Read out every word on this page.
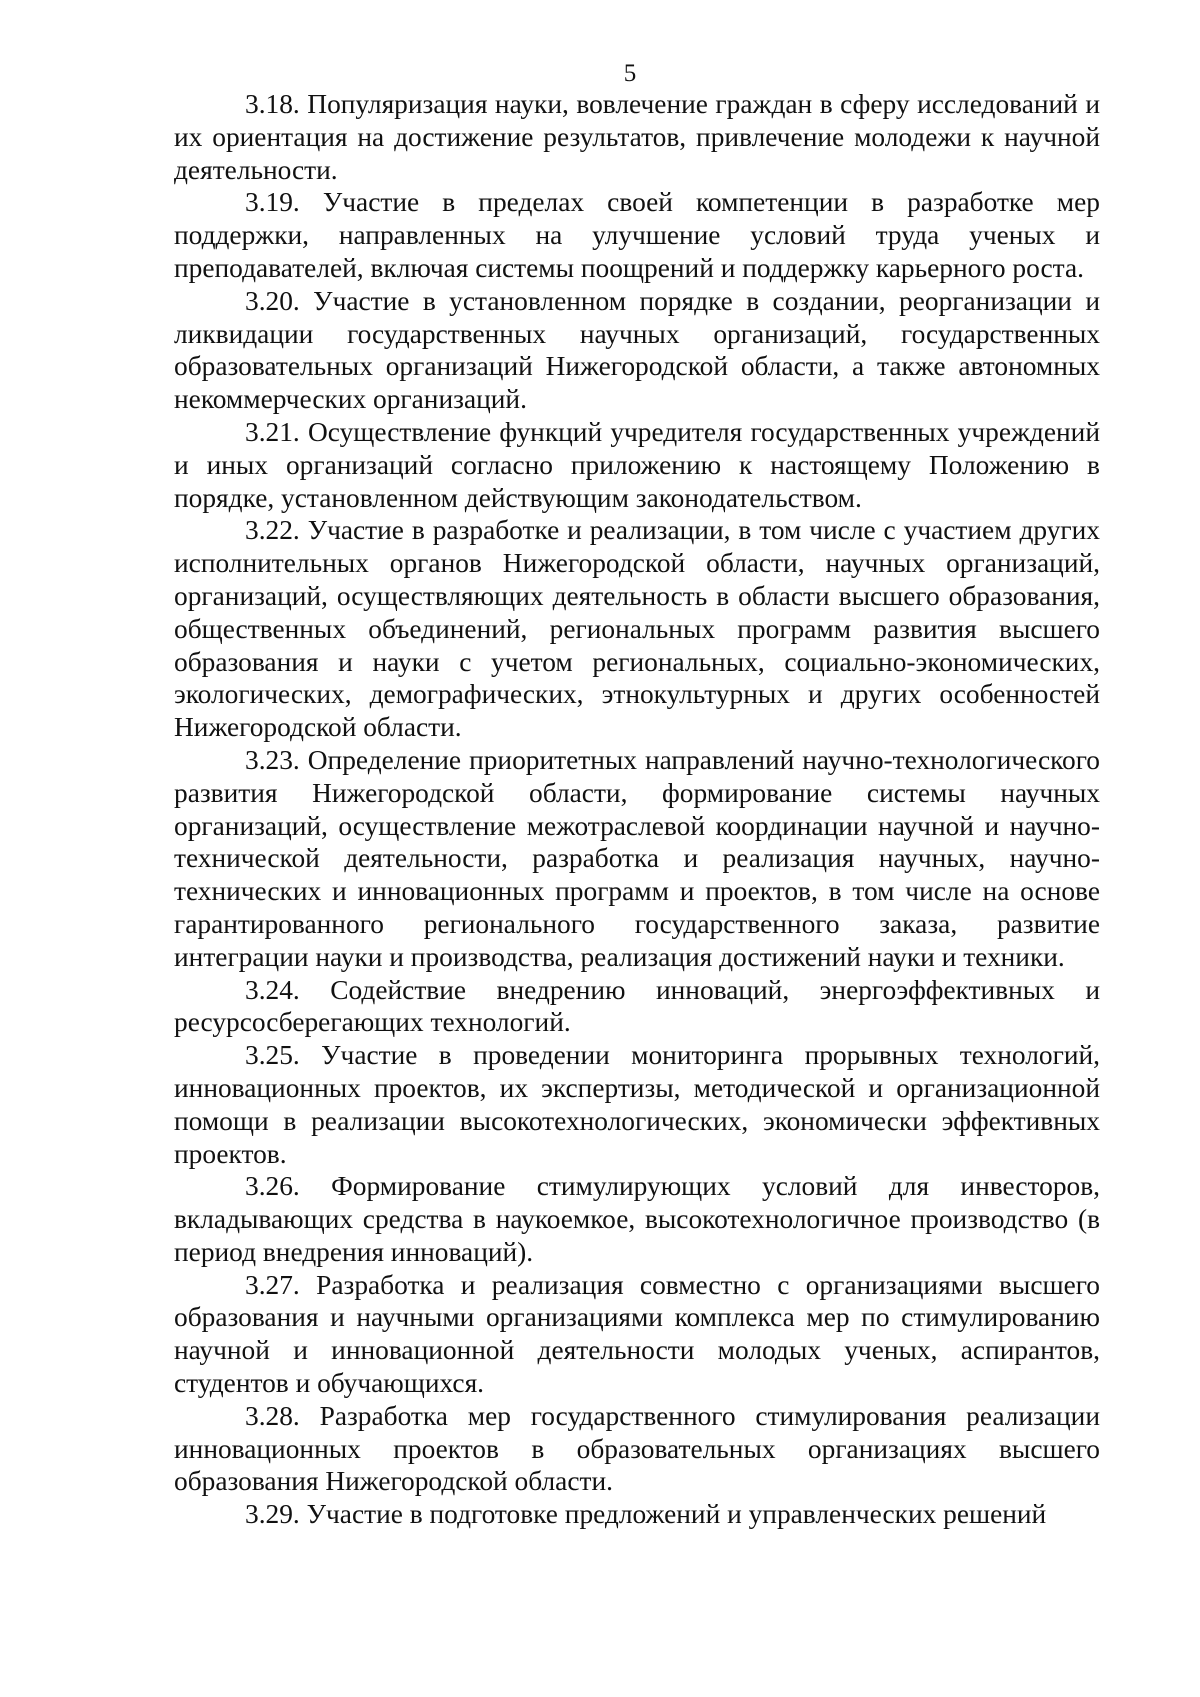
5

3.18. Популяризация науки, вовлечение граждан в сферу исследований и их ориентация на достижение результатов, привлечение молодежи к научной деятельности.

3.19. Участие в пределах своей компетенции в разработке мер поддержки, направленных на улучшение условий труда ученых и преподавателей, включая системы поощрений и поддержку карьерного роста.

3.20. Участие в установленном порядке в создании, реорганизации и ликвидации государственных научных организаций, государственных образовательных организаций Нижегородской области, а также автономных некоммерческих организаций.

3.21. Осуществление функций учредителя государственных учреждений и иных организаций согласно приложению к настоящему Положению в порядке, установленном действующим законодательством.

3.22. Участие в разработке и реализации, в том числе с участием других исполнительных органов Нижегородской области, научных организаций, организаций, осуществляющих деятельность в области высшего образования, общественных объединений, региональных программ развития высшего образования и науки с учетом региональных, социально-экономических, экологических, демографических, этнокультурных и других особенностей Нижегородской области.

3.23. Определение приоритетных направлений научно-технологического развития Нижегородской области, формирование системы научных организаций, осуществление межотраслевой координации научной и научно-технической деятельности, разработка и реализация научных, научно-технических и инновационных программ и проектов, в том числе на основе гарантированного регионального государственного заказа, развитие интеграции науки и производства, реализация достижений науки и техники.

3.24. Содействие внедрению инноваций, энергоэффективных и ресурсосберегающих технологий.

3.25. Участие в проведении мониторинга прорывных технологий, инновационных проектов, их экспертизы, методической и организационной помощи в реализации высокотехнологических, экономически эффективных проектов.

3.26. Формирование стимулирующих условий для инвесторов, вкладывающих средства в наукоемкое, высокотехнологичное производство (в период внедрения инноваций).

3.27. Разработка и реализация совместно с организациями высшего образования и научными организациями комплекса мер по стимулированию научной и инновационной деятельности молодых ученых, аспирантов, студентов и обучающихся.

3.28. Разработка мер государственного стимулирования реализации инновационных проектов в образовательных организациях высшего образования Нижегородской области.

3.29. Участие в подготовке предложений и управленческих решений
